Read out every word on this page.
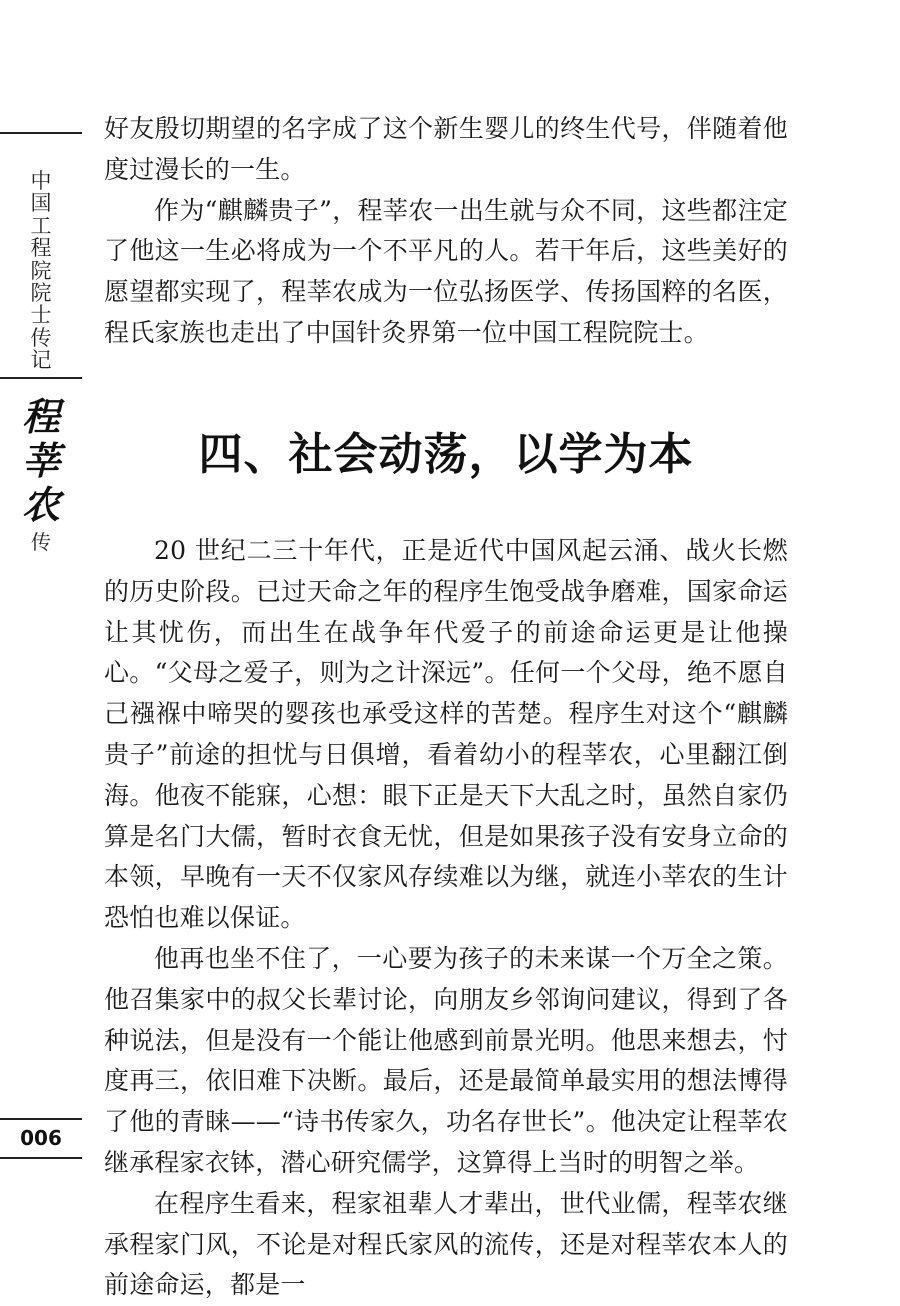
中国工程院院士传记
程莘农
传
006

好友殷切期望的名字成了这个新生婴儿的终生代号，伴随着他度过漫长的一生。

作为“麒麟贵子”，程莘农一出生就与众不同，这些都注定了他这一生必将成为一个不平凡的人。若干年后，这些美好的愿望都实现了，程莘农成为一位弘扬医学、传扬国粹的名医，程氏家族也走出了中国针灸界第一位中国工程院院士。

四、社会动荡，以学为本

20 世纪二三十年代，正是近代中国风起云涌、战火长燃的历史阶段。已过天命之年的程序生饱受战争磨难，国家命运让其忧伤，而出生在战争年代爱子的前途命运更是让他操心。“父母之爱子，则为之计深远”。任何一个父母，绝不愿自己襁褓中啼哭的婴孩也承受这样的苦楚。程序生对这个“麒麟贵子”前途的担忧与日俱增，看着幼小的程莘农，心里翻江倒海。他夜不能寐，心想：眼下正是天下大乱之时，虽然自家仍算是名门大儒，暂时衣食无忧，但是如果孩子没有安身立命的本领，早晚有一天不仅家风存续难以为继，就连小莘农的生计恐怕也难以保证。

他再也坐不住了，一心要为孩子的未来谋一个万全之策。他召集家中的叔父长辈讨论，向朋友乡邻询问建议，得到了各种说法，但是没有一个能让他感到前景光明。他思来想去，忖度再三，依旧难下决断。最后，还是最简单最实用的想法博得了他的青睐——“诗书传家久，功名存世长”。他决定让程莘农继承程家衣钵，潜心研究儒学，这算得上当时的明智之举。

在程序生看来，程家祖辈人才辈出，世代业儒，程莘农继承程家门风，不论是对程氏家风的流传，还是对程莘农本人的前途命运，都是一
